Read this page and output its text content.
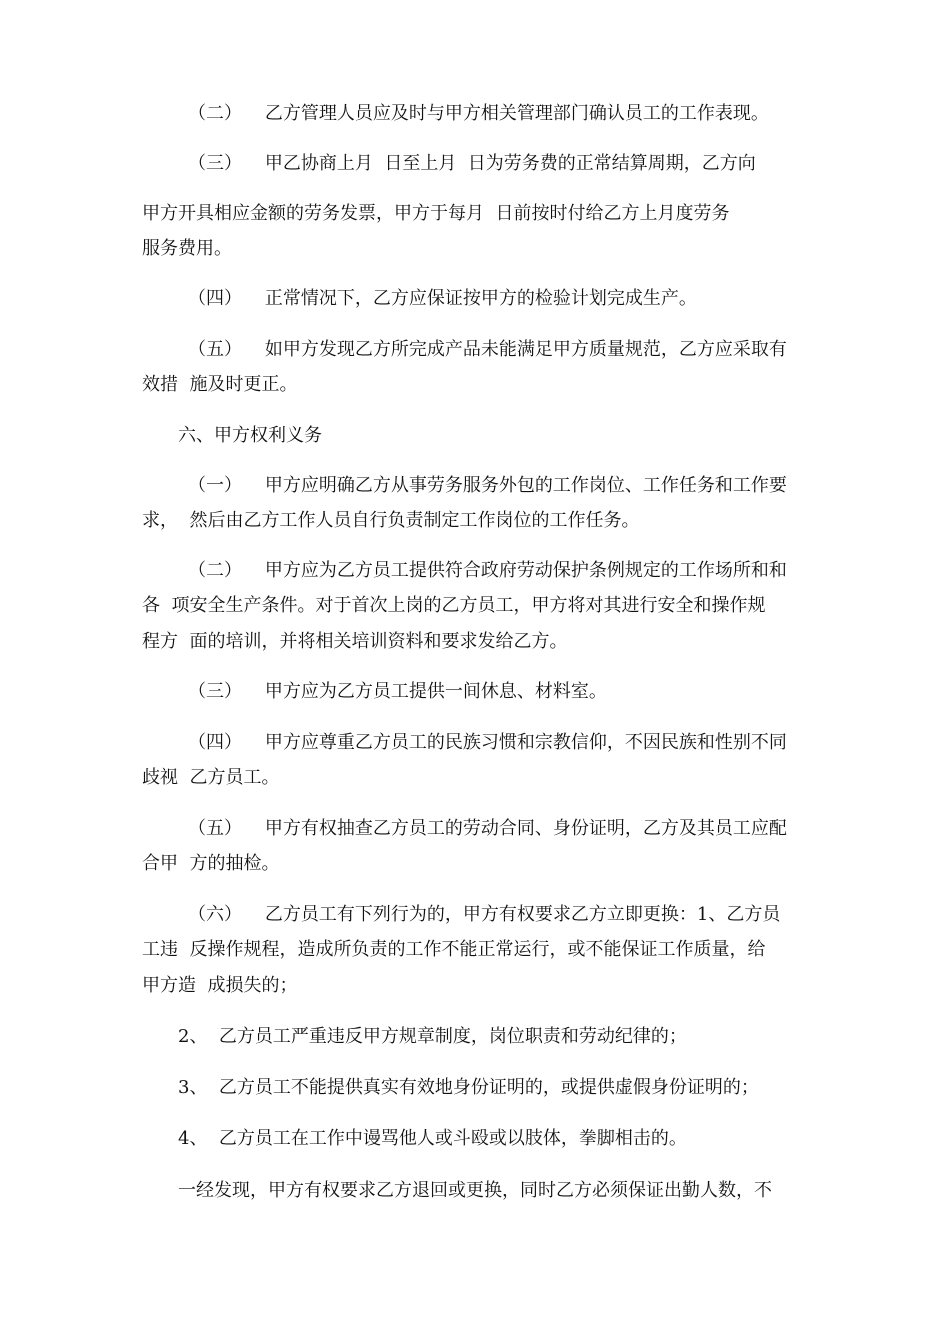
（二）    乙方管理人员应及时与甲方相关管理部门确认员工的工作表现。

（三）    甲乙协商上月  日至上月  日为劳务费的正常结算周期，乙方向

甲方开具相应金额的劳务发票，甲方于每月  日前按时付给乙方上月度劳务

服务费用。

（四）    正常情况下，乙方应保证按甲方的检验计划完成生产。

（五）    如甲方发现乙方所完成产品未能满足甲方质量规范，乙方应采取有

效措  施及时更正。

六、甲方权利义务

（一）    甲方应明确乙方从事劳务服务外包的工作岗位、工作任务和工作要

求，  然后由乙方工作人员自行负责制定工作岗位的工作任务。

（二）    甲方应为乙方员工提供符合政府劳动保护条例规定的工作场所和和

各  项安全生产条件。对于首次上岗的乙方员工，甲方将对其进行安全和操作规

程方  面的培训，并将相关培训资料和要求发给乙方。

（三）    甲方应为乙方员工提供一间休息、材料室。

（四）    甲方应尊重乙方员工的民族习惯和宗教信仰，不因民族和性别不同

歧视  乙方员工。

（五）    甲方有权抽查乙方员工的劳动合同、身份证明，乙方及其员工应配

合甲  方的抽检。

（六）    乙方员工有下列行为的，甲方有权要求乙方立即更换：1、乙方员

工违  反操作规程，造成所负责的工作不能正常运行，或不能保证工作质量，给

甲方造  成损失的；

2、  乙方员工严重违反甲方规章制度，岗位职责和劳动纪律的；

3、  乙方员工不能提供真实有效地身份证明的，或提供虚假身份证明的；

4、  乙方员工在工作中谩骂他人或斗殴或以肢体，拳脚相击的。

一经发现，甲方有权要求乙方退回或更换，同时乙方必须保证出勤人数，不
